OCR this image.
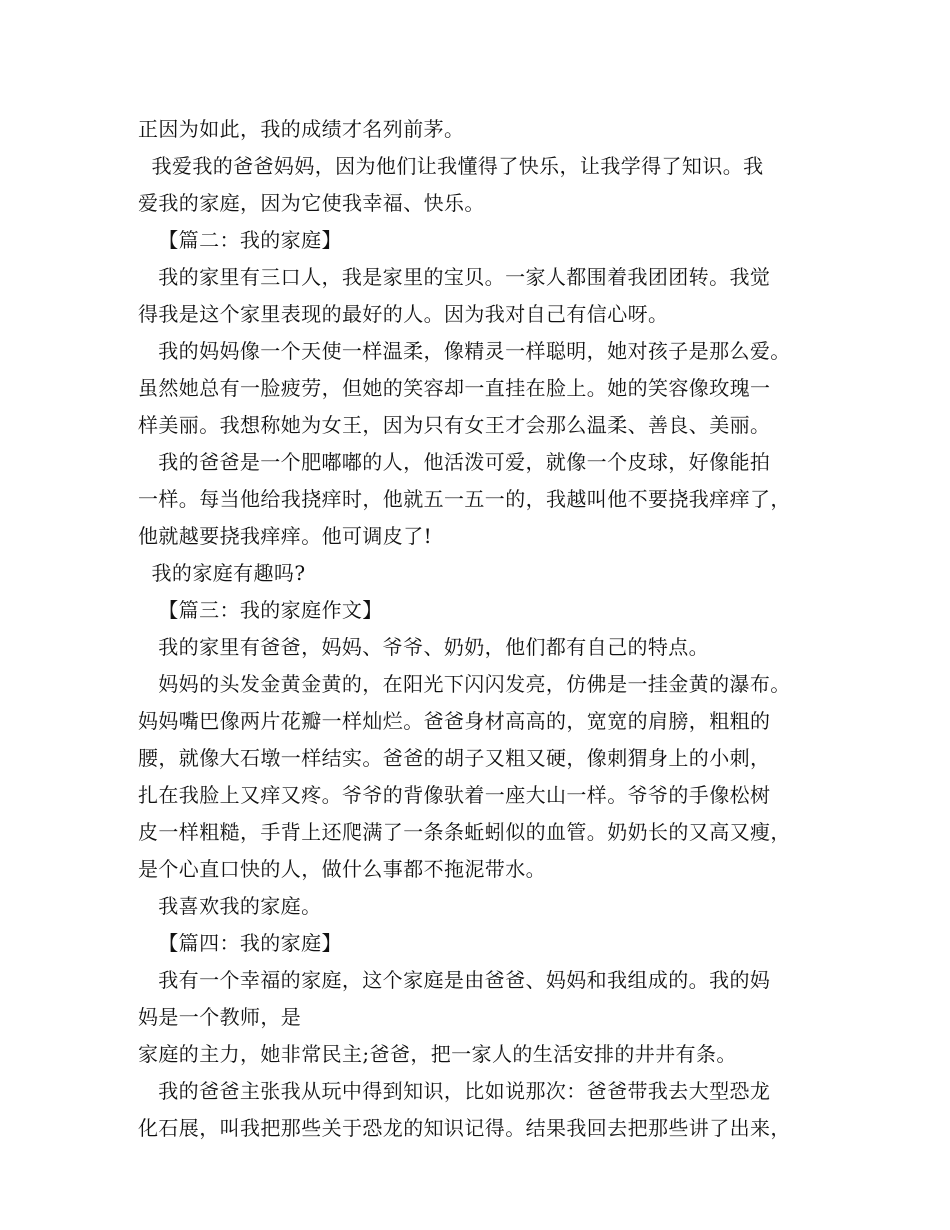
正因为如此，我的成绩才名列前茅。
我爱我的爸爸妈妈，因为他们让我懂得了快乐，让我学得了知识。我
爱我的家庭，因为它使我幸福、快乐。
【篇二：我的家庭】
我的家里有三口人，我是家里的宝贝。一家人都围着我团团转。我觉
得我是这个家里表现的最好的人。因为我对自己有信心呀。
我的妈妈像一个天使一样温柔，像精灵一样聪明，她对孩子是那么爱。
虽然她总有一脸疲劳，但她的笑容却一直挂在脸上。她的笑容像玫瑰一
样美丽。我想称她为女王，因为只有女王才会那么温柔、善良、美丽。
我的爸爸是一个肥嘟嘟的人，他活泼可爱，就像一个皮球，好像能拍
一样。每当他给我挠痒时，他就五一五一的，我越叫他不要挠我痒痒了，
他就越要挠我痒痒。他可调皮了!
我的家庭有趣吗?
【篇三：我的家庭作文】
我的家里有爸爸，妈妈、爷爷、奶奶，他们都有自己的特点。
妈妈的头发金黄金黄的，在阳光下闪闪发亮，仿佛是一挂金黄的瀑布。
妈妈嘴巴像两片花瓣一样灿烂。爸爸身材高高的，宽宽的肩膀，粗粗的
腰，就像大石墩一样结实。爸爸的胡子又粗又硬，像刺猬身上的小刺，
扎在我脸上又痒又疼。爷爷的背像驮着一座大山一样。爷爷的手像松树
皮一样粗糙，手背上还爬满了一条条蚯蚓似的血管。奶奶长的又高又瘦，
是个心直口快的人，做什么事都不拖泥带水。
我喜欢我的家庭。
【篇四：我的家庭】
我有一个幸福的家庭，这个家庭是由爸爸、妈妈和我组成的。我的妈
妈是一个教师，是
家庭的主力，她非常民主;爸爸，把一家人的生活安排的井井有条。
我的爸爸主张我从玩中得到知识，比如说那次：爸爸带我去大型恐龙
化石展，叫我把那些关于恐龙的知识记得。结果我回去把那些讲了出来，
